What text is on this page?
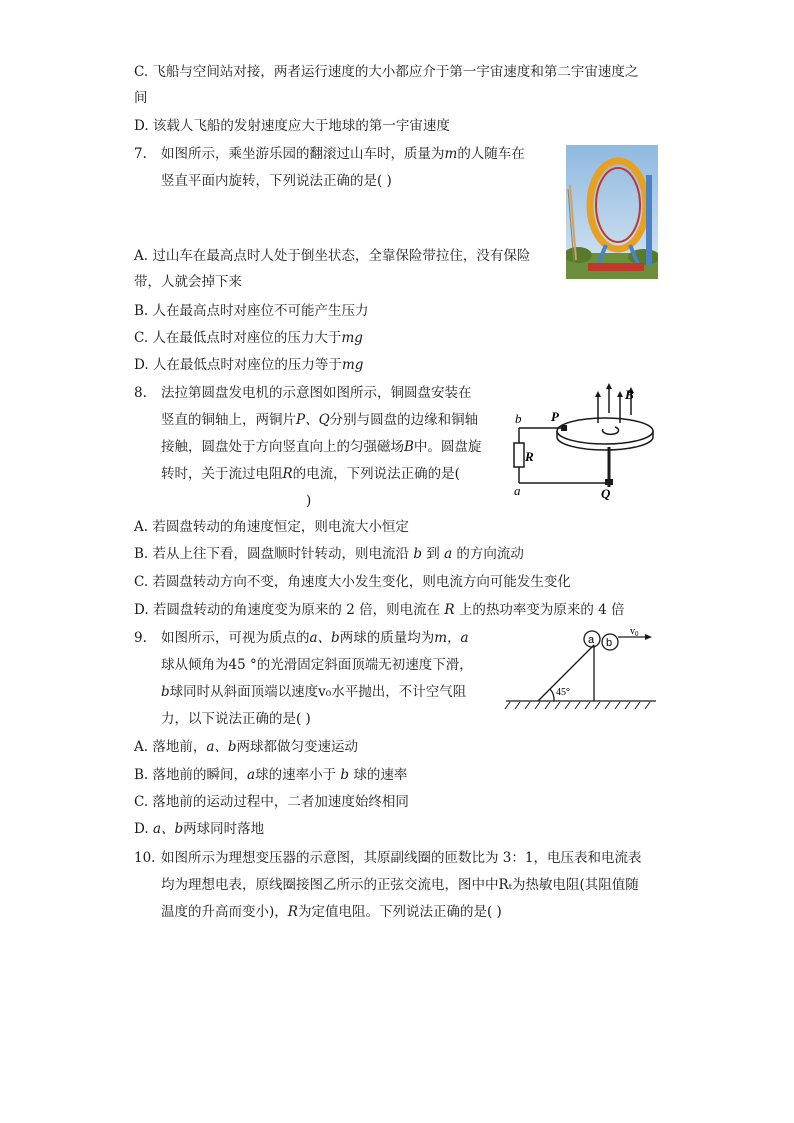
C. 飞船与空间站对接，两者运行速度的大小都应介于第一宇宙速度和第二宇宙速度之
间
D. 该载人飞船的发射速度应大于地球的第一宇宙速度
7. 如图所示，乘坐游乐园的翻滚过山车时，质量为m的人随车在
竖直平面内旋转，下列说法正确的是( )
A. 过山车在最高点时人处于倒坐状态，全靠保险带拉住，没有保险
带，人就会掉下来
B. 人在最高点时对座位不可能产生压力
C. 人在最低点时对座位的压力大于mg
D. 人在最低点时对座位的压力等于mg
8. 法拉第圆盘发电机的示意图如图所示，铜圆盘安装在
竖直的铜轴上，两铜片P、Q分别与圆盘的边缘和铜轴
接触，圆盘处于方向竖直向上的匀强磁场B中。圆盘旋
转时，关于流过电阻R的电流，下列说法正确的是(
)
b P
B
R
a	Q
A. 若圆盘转动的角速度恒定，则电流大小恒定
B. 若从上往下看，圆盘顺时针转动，则电流沿 b 到 a 的方向流动
C. 若圆盘转动方向不变，角速度大小发生变化，则电流方向可能发生变化
D. 若圆盘转动的角速度变为原来的 2 倍，则电流在 R 上的热功率变为原来的 4 倍
9. 如图所示，可视为质点的a、b两球的质量均为m，a
球从倾角为45 °的光滑固定斜面顶端无初速度下滑，
b球同时从斜面顶端以速度v₀水平抛出，不计空气阻
力，以下说法正确的是( )
a b
$v_0$
45°
A. 落地前，a、b两球都做匀变速运动
B. 落地前的瞬间，a球的速率小于 b 球的速率
C. 落地前的运动过程中，二者加速度始终相同
D. a、b两球同时落地
10. 如图所示为理想变压器的示意图，其原副线圈的匝数比为 3：1，电压表和电流表
均为理想电表，原线圈接图乙所示的正弦交流电，图中中Rₜ为热敏电阻(其阻值随
温度的升高而变小)，R为定值电阻。下列说法正确的是( )
